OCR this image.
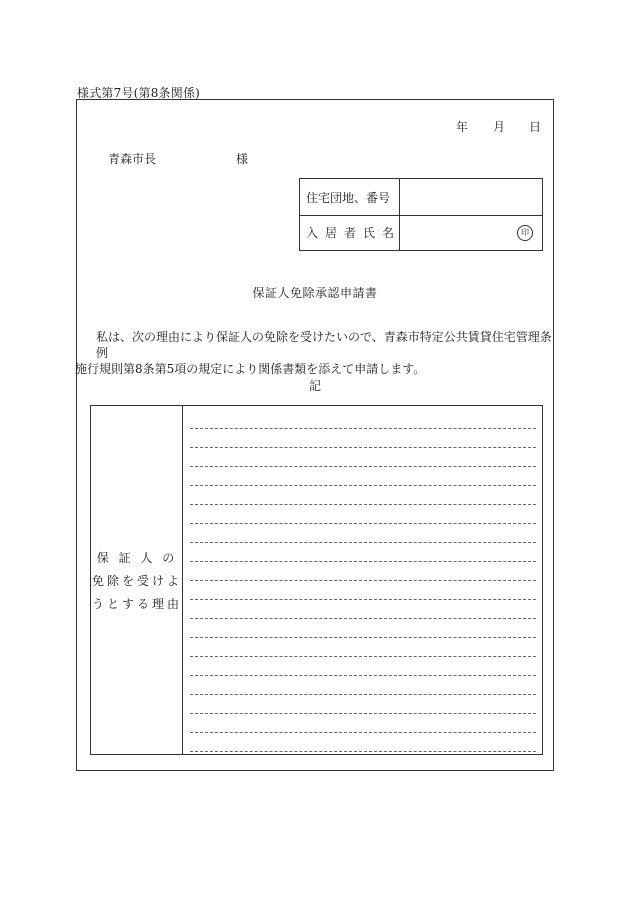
様式第7号(第8条関係)
年 月 日
青森市長	様
住宅団地、番号
入居者氏名	印
保証人免除承認申請書

私は、次の理由により保証人の免除を受けたいので、青森市特定公共賃貸住宅管理条例

施行規則第8条第5項の規定により関係書類を添えて申請します。

記
保 証 人 の
免除を受けよ
うとする理由
